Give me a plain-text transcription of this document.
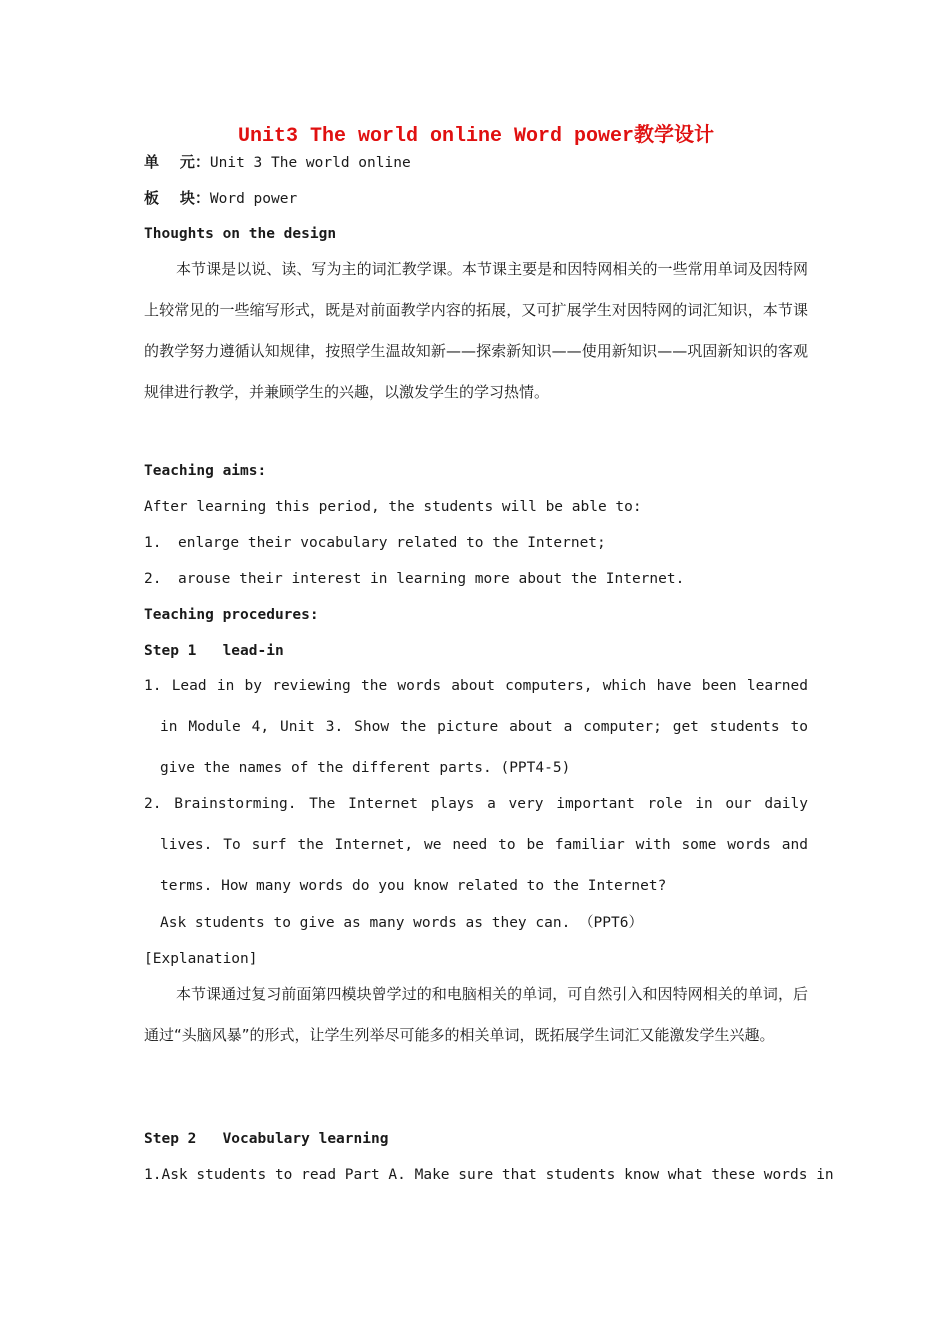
Unit3 The world online Word power教学设计
单    元：Unit 3 The world online
板    块：Word power
Thoughts on the design
本节课是以说、读、写为主的词汇教学课。本节课主要是和因特网相关的一些常用单词及因特网上较常见的一些缩写形式，既是对前面教学内容的拓展，又可扩展学生对因特网的词汇知识，本节课的教学努力遵循认知规律，按照学生温故知新——探索新知识——使用新知识——巩固新知识的客观规律进行教学，并兼顾学生的兴趣，以激发学生的学习热情。
Teaching aims:
After learning this period, the students will be able to:
1. enlarge their vocabulary related to the Internet;
2. arouse their interest in learning more about the Internet.
Teaching procedures:
Step 1   lead-in
1. Lead in by reviewing the words about computers, which have been learned in Module 4, Unit 3. Show the picture about a computer; get students to give the names of the different parts. (PPT4-5)
2. Brainstorming. The Internet plays a very important role in our daily lives. To surf the Internet, we need to be familiar with some words and terms. How many words do you know related to the Internet?
Ask students to give as many words as they can. （PPT6）
[Explanation]
本节课通过复习前面第四模块曾学过的和电脑相关的单词，可自然引入和因特网相关的单词，后通过“头脑风暴”的形式，让学生列举尽可能多的相关单词，既拓展学生词汇又能激发学生兴趣。
Step 2   Vocabulary learning
1.Ask students to read Part A. Make sure that students know what these words in
